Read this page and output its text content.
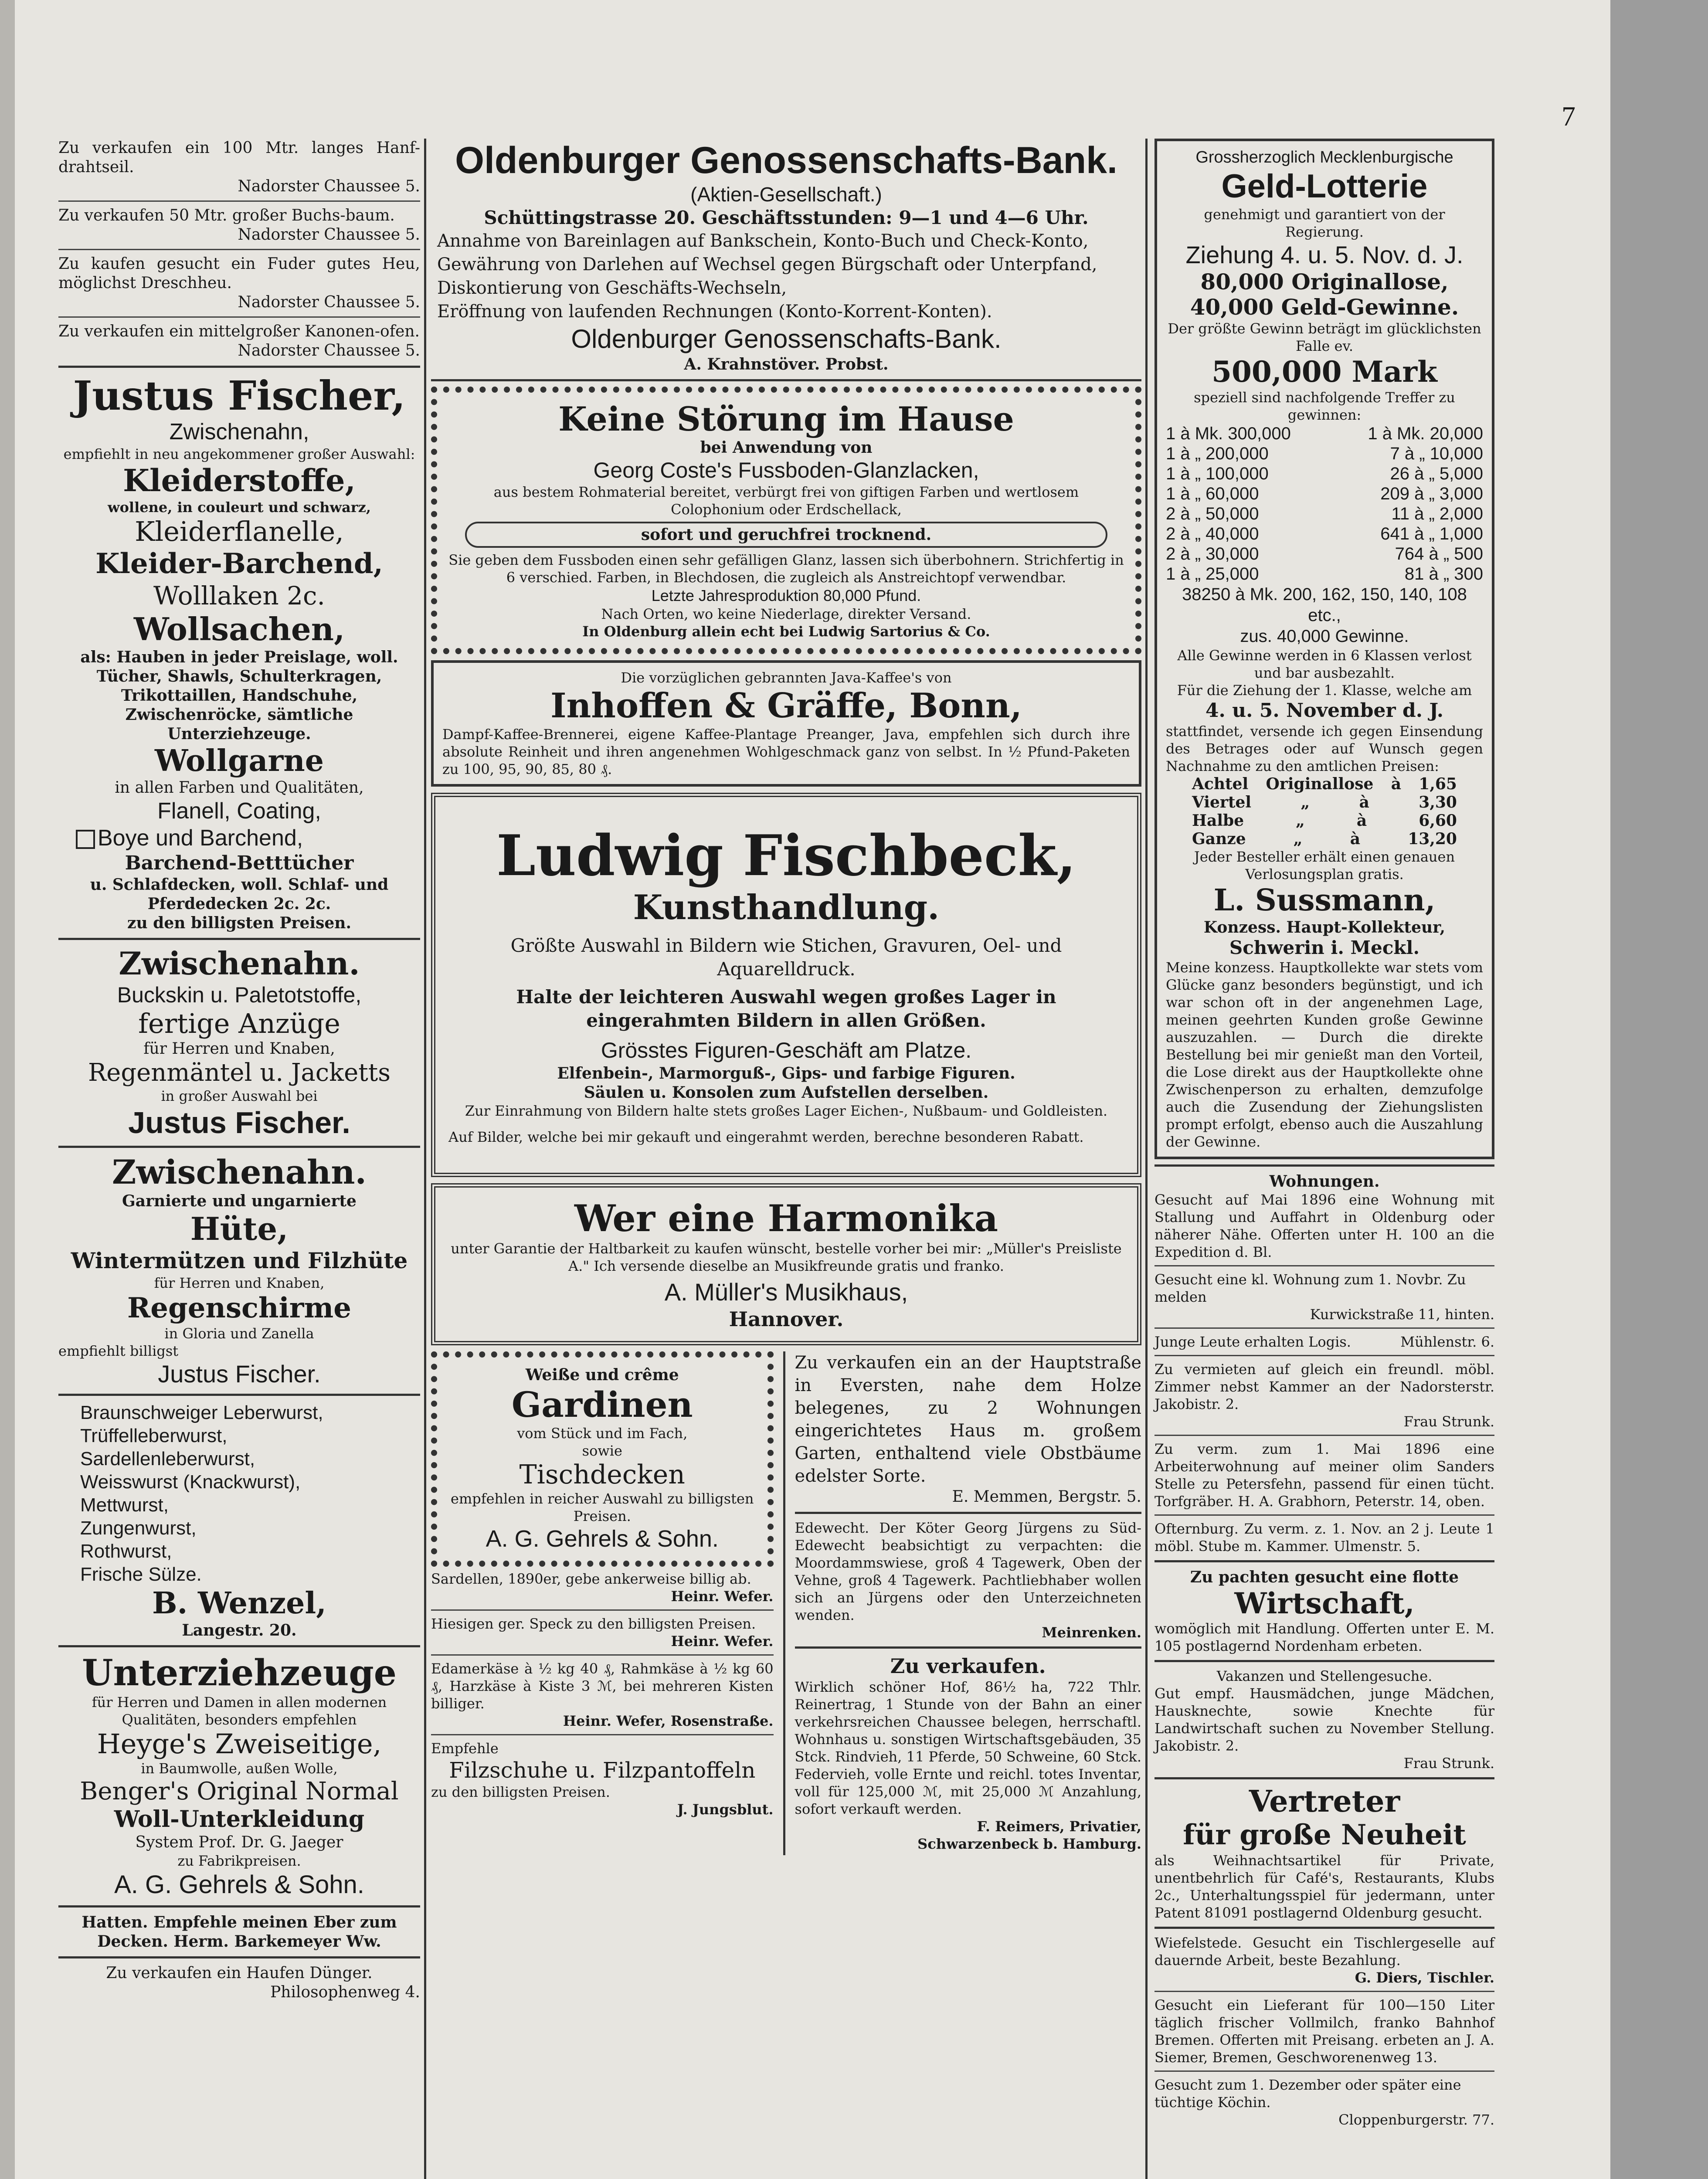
Zu verkaufen ein 100 Mtr. langes Hanf-drahtseil.

Nadorster Chaussee 5.

Zu verkaufen 50 Mtr. großer Buchs-baum.

Nadorster Chaussee 5.

Zu kaufen gesucht ein Fuder gutes Heu, möglichst Dreschheu.

Nadorster Chaussee 5.

Zu verkaufen ein mittelgroßer Kanonen-ofen.

Nadorster Chaussee 5.

Justus Fischer,

Zwischenahn,

empfiehlt in neu angekommener großer Auswahl:

Kleiderstoffe,

wollene, in couleurt und schwarz,

Kleiderflanelle,

Kleider-Barchend,

Wolllaken 2c.

Wollsachen,

als: Hauben in jeder Preislage, woll. Tücher, Shawls, Schulterkragen, Trikottaillen, Handschuhe, Zwischenröcke, sämtliche Unterziehzeuge.

Wollgarne

in allen Farben und Qualitäten,

Flanell, Coating,

Boye und Barchend,

Barchend-Betttücher

u. Schlafdecken, woll. Schlaf- und Pferdedecken 2c. 2c.

zu den billigsten Preisen.

Zwischenahn.

Buckskin u. Paletotstoffe,

fertige Anzüge

für Herren und Knaben,

Regenmäntel u. Jacketts

in großer Auswahl bei

Justus Fischer.

Zwischenahn.

Garnierte und ungarnierte

Hüte,

Wintermützen und Filzhüte

für Herren und Knaben,

Regenschirme

in Gloria und Zanella

empfiehlt billigst

Justus Fischer.

Braunschweiger Leberwurst,

Trüffelleberwurst,

Sardellenleberwurst,

Weisswurst (Knackwurst),

Mettwurst,

Zungenwurst,

Rothwurst,

Frische Sülze.

B. Wenzel,

Langestr. 20.

Unterziehzeuge

für Herren und Damen in allen modernen Qualitäten, besonders empfehlen

Heyge's Zweiseitige,

in Baumwolle, außen Wolle,

Benger's Original Normal

Woll-Unterkleidung

System Prof. Dr. G. Jaeger

zu Fabrikpreisen.

A. G. Gehrels & Sohn.

Hatten. Empfehle meinen Eber zum Decken. Herm. Barkemeyer Ww.

Zu verkaufen ein Haufen Dünger.

Philosophenweg 4.

Oldenburger Genossenschafts-Bank.

(Aktien-Gesellschaft.)

Schüttingstrasse 20. Geschäftsstunden: 9—1 und 4—6 Uhr.

Annahme von Bareinlagen auf Bankschein, Konto-Buch und Check-Konto,

Gewährung von Darlehen auf Wechsel gegen Bürgschaft oder Unterpfand,

Diskontierung von Geschäfts-Wechseln,

Eröffnung von laufenden Rechnungen (Konto-Korrent-Konten).

Oldenburger Genossenschafts-Bank.

A. Krahnstöver. Probst.

Keine Störung im Hause

bei Anwendung von

Georg Coste's Fussboden-Glanzlacken,

aus bestem Rohmaterial bereitet, verbürgt frei von giftigen Farben und wertlosem Colophonium oder Erdschellack,

sofort und geruchfrei trocknend.

Sie geben dem Fussboden einen sehr gefälligen Glanz, lassen sich überbohnern. Strichfertig in 6 verschied. Farben, in Blechdosen, die zugleich als Anstreichtopf verwendbar.

Letzte Jahresproduktion 80,000 Pfund.

Nach Orten, wo keine Niederlage, direkter Versand.

In Oldenburg allein echt bei Ludwig Sartorius & Co.

Die vorzüglichen gebrannten Java-Kaffee's von

Inhoffen & Gräffe, Bonn,

Dampf-Kaffee-Brennerei, eigene Kaffee-Plantage Preanger, Java, empfehlen sich durch ihre absolute Reinheit und ihren angenehmen Wohlgeschmack ganz von selbst. In ½ Pfund-Paketen zu 100, 95, 90, 85, 80 ₰.

Ludwig Fischbeck,

Kunsthandlung.

Größte Auswahl in Bildern wie Stichen, Gravuren, Oel- und Aquarelldruck.

Halte der leichteren Auswahl wegen großes Lager in eingerahmten Bildern in allen Größen.

Grösstes Figuren-Geschäft am Platze.

Elfenbein-, Marmorguß-, Gips- und farbige Figuren.

Säulen u. Konsolen zum Aufstellen derselben.

Zur Einrahmung von Bildern halte stets großes Lager Eichen-, Nußbaum- und Goldleisten.

Auf Bilder, welche bei mir gekauft und eingerahmt werden, berechne besonderen Rabatt.

Wer eine Harmonika

unter Garantie der Haltbarkeit zu kaufen wünscht, bestelle vorher bei mir: „Müller's Preisliste A." Ich versende dieselbe an Musikfreunde gratis und franko.

A. Müller's Musikhaus,

Hannover.

Weiße und crême

Gardinen

vom Stück und im Fach,

sowie

Tischdecken

empfehlen in reicher Auswahl zu billigsten Preisen.

A. G. Gehrels & Sohn.

Sardellen, 1890er, gebe ankerweise billig ab.

Heinr. Wefer.

Hiesigen ger. Speck zu den billigsten Preisen.

Heinr. Wefer.

Edamerkäse à ½ kg 40 ₰, Rahmkäse à ½ kg 60 ₰, Harzkäse à Kiste 3 ℳ, bei mehreren Kisten billiger.

Heinr. Wefer, Rosenstraße.

Empfehle

Filzschuhe u. Filzpantoffeln

zu den billigsten Preisen.

J. Jungsblut.

Zu verkaufen ein an der Hauptstraße in Eversten, nahe dem Holze belegenes, zu 2 Wohnungen eingerichtetes Haus m. großem Garten, enthaltend viele Obstbäume edelster Sorte.

E. Memmen, Bergstr. 5.

Edewecht. Der Köter Georg Jürgens zu Süd-Edewecht beabsichtigt zu verpachten: die Moordammswiese, groß 4 Tagewerk, Oben der Vehne, groß 4 Tagewerk. Pachtliebhaber wollen sich an Jürgens oder den Unterzeichneten wenden.

Meinrenken.

Zu verkaufen.

Wirklich schöner Hof, 86½ ha, 722 Thlr. Reinertrag, 1 Stunde von der Bahn an einer verkehrsreichen Chaussee belegen, herrschaftl. Wohnhaus u. sonstigen Wirtschaftsgebäuden, 35 Stck. Rindvieh, 11 Pferde, 50 Schweine, 60 Stck. Federvieh, volle Ernte und reichl. totes Inventar, voll für 125,000 ℳ, mit 25,000 ℳ Anzahlung, sofort verkauft werden.

F. Reimers, Privatier,

Schwarzenbeck b. Hamburg.

Grossherzoglich Mecklenburgische

Geld-Lotterie

genehmigt und garantiert von der Regierung.

Ziehung 4. u. 5. Nov. d. J.

80,000 Originallose,

40,000 Geld-Gewinne.

Der größte Gewinn beträgt im glücklichsten Falle ev.

500,000 Mark

speziell sind nachfolgende Treffer zu gewinnen:

1 à Mk. 300,000	1 à Mk. 20,000
1 à „ 200,000	7 à „ 10,000
1 à „ 100,000	26 à „ 5,000
1 à „ 60,000	209 à „ 3,000
2 à „ 50,000	11 à „ 2,000
2 à „ 40,000	641 à „ 1,000
2 à „ 30,000	764 à „ 500
1 à „ 25,000	81 à „ 300

38250 à Mk. 200, 162, 150, 140, 108 etc.,

zus. 40,000 Gewinne.

Alle Gewinne werden in 6 Klassen verlost und bar ausbezahlt.

Für die Ziehung der 1. Klasse, welche am

4. u. 5. November d. J.

stattfindet, versende ich gegen Einsendung des Betrages oder auf Wunsch gegen Nachnahme zu den amtlichen Preisen:

Achtel Originallose à 1,65
Viertel	„	à	3,30
Halbe	„	à	6,60
Ganze	„	à	13,20

Jeder Besteller erhält einen genauen Verlosungsplan gratis.

L. Sussmann,

Konzess. Haupt-Kollekteur,

Schwerin i. Meckl.

Meine konzess. Hauptkollekte war stets vom Glücke ganz besonders begünstigt, und ich war schon oft in der angenehmen Lage, meinen geehrten Kunden große Gewinne auszuzahlen. — Durch die direkte Bestellung bei mir genießt man den Vorteil, die Lose direkt aus der Hauptkollekte ohne Zwischenperson zu erhalten, demzufolge auch die Zusendung der Ziehungslisten prompt erfolgt, ebenso auch die Auszahlung der Gewinne.

Wohnungen.

Gesucht auf Mai 1896 eine Wohnung mit Stallung und Auffahrt in Oldenburg oder näherer Nähe. Offerten unter H. 100 an die Expedition d. Bl.

Gesucht eine kl. Wohnung zum 1. Novbr. Zu melden

Kurwickstraße 11, hinten.

Junge Leute erhalten Logis.	Mühlenstr. 6.

Zu vermieten auf gleich ein freundl. möbl. Zimmer nebst Kammer an der Nadorsterstr. Jakobistr. 2.

Frau Strunk.

Zu verm. zum 1. Mai 1896 eine Arbeiterwohnung auf meiner olim Sanders Stelle zu Petersfehn, passend für einen tücht. Torfgräber. H. A. Grabhorn, Peterstr. 14, oben.

Ofternburg. Zu verm. z. 1. Nov. an 2 j. Leute 1 möbl. Stube m. Kammer. Ulmenstr. 5.

Zu pachten gesucht eine flotte

Wirtschaft,

womöglich mit Handlung. Offerten unter E. M. 105 postlagernd Nordenham erbeten.

Vakanzen und Stellengesuche.

Gut empf. Hausmädchen, junge Mädchen, Hausknechte, sowie Knechte für Landwirtschaft suchen zu November Stellung. Jakobistr. 2.

Frau Strunk.

Vertreter

für große Neuheit

als Weihnachtsartikel für Private, unentbehrlich für Café's, Restaurants, Klubs 2c., Unterhaltungsspiel für jedermann, unter Patent 81091 postlagernd Oldenburg gesucht.

Wiefelstede. Gesucht ein Tischlergeselle auf dauernde Arbeit, beste Bezahlung.

G. Diers, Tischler.

Gesucht ein Lieferant für 100—150 Liter täglich frischer Vollmilch, franko Bahnhof Bremen. Offerten mit Preisang. erbeten an J. A. Siemer, Bremen, Geschworenenweg 13.

Gesucht zum 1. Dezember oder später eine tüchtige Köchin.

Cloppenburgerstr. 77.

7
